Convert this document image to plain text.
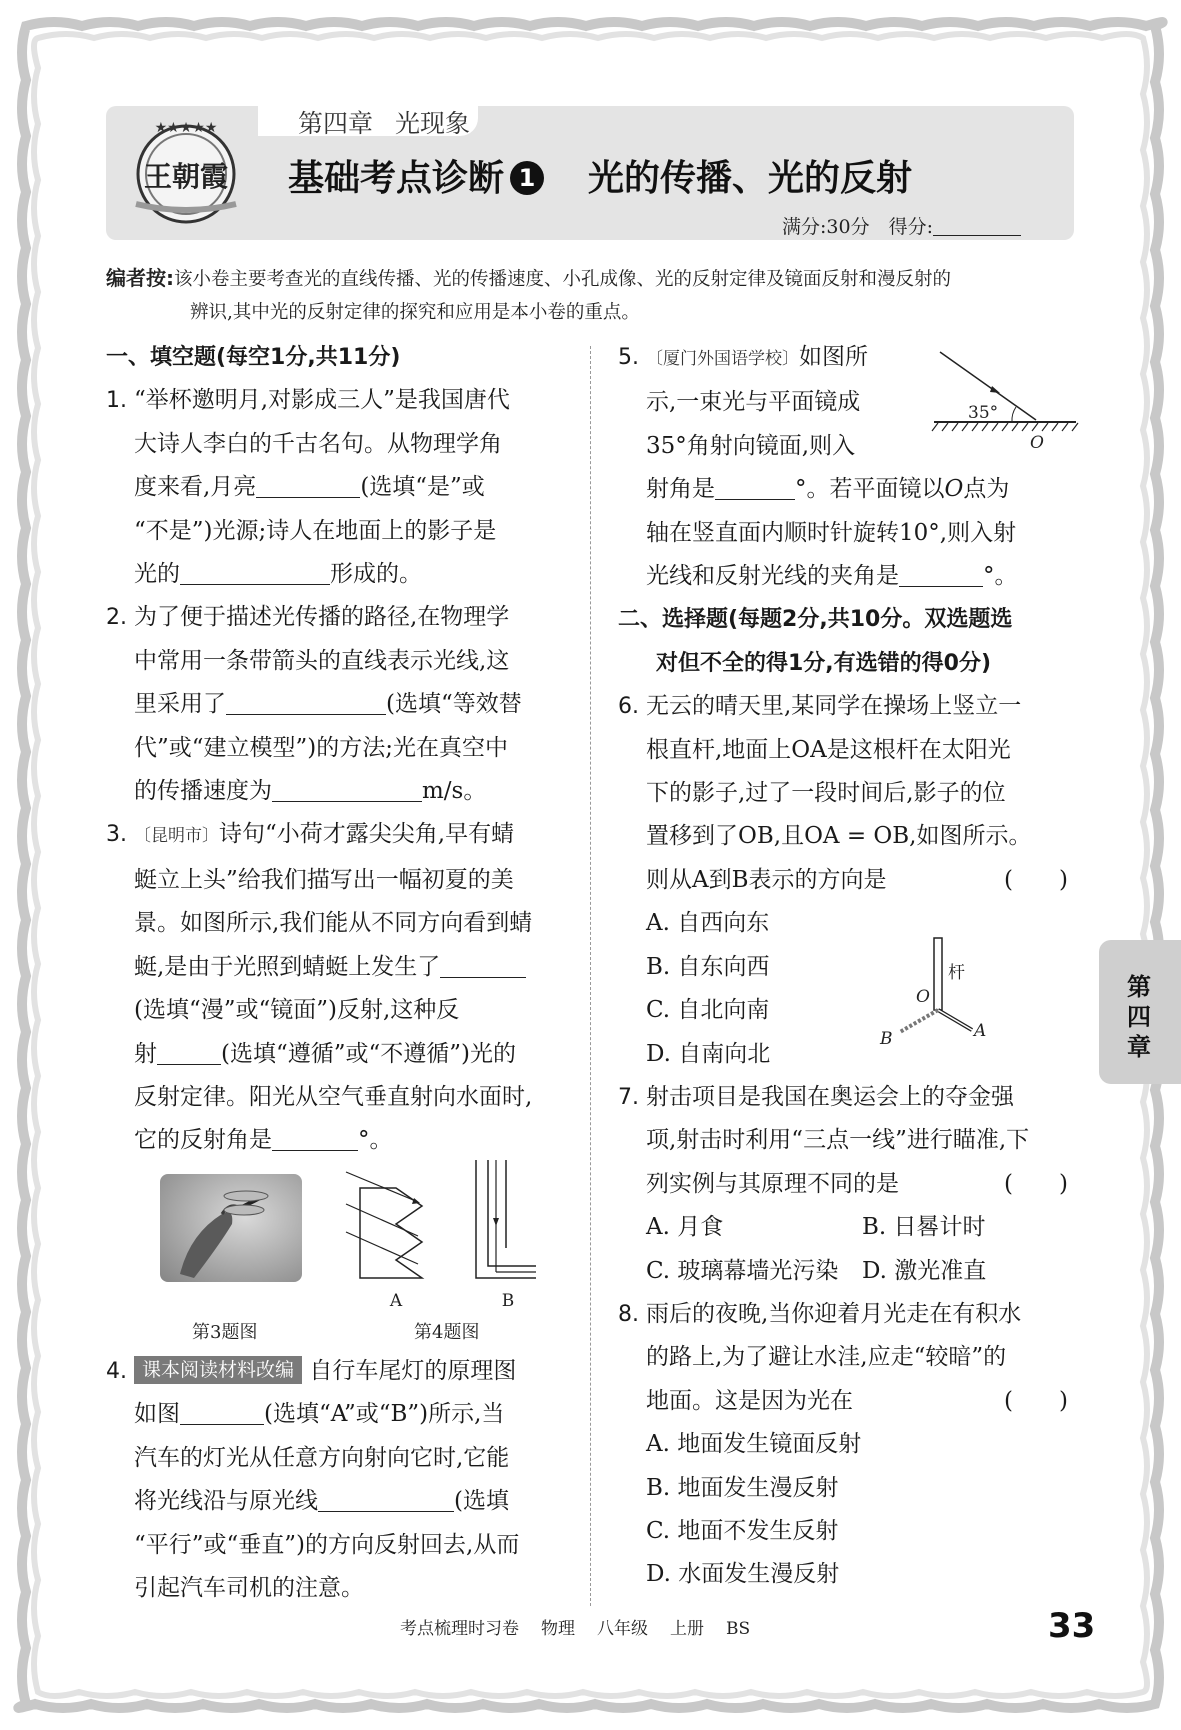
第四章 光现象
★★★★★
王朝霞 基础考点诊断 1 光的传播、光的反射
满分:30分　 得分:
编者按:该小卷主要考查光的直线传播、光的传播速度、小孔成像、光的反射定律及镜面反射和漫反射的
辨识,其中光的反射定律的探究和应用是本小卷的重点。

一、填空题(每空1分,共11分)

1. “举杯邀明月,对影成三人”是我国唐代

大诗人李白的千古名句。从物理学角

度来看,月亮	(选填“是”或

“不是”)光源;诗人在地面上的影子是

光的	形成的。

2. 为了便于描述光传播的路径,在物理学

中常用一条带箭头的直线表示光线,这

里采用了	(选填“等效替

代”或“建立模型”)的方法;光在真空中

的传播速度为	m/s。

3. 〔昆明市〕诗句“小荷才露尖尖角,早有蜻

蜓立上头”给我们描写出一幅初夏的美

景。如图所示,我们能从不同方向看到蜻

蜓,是由于光照到蜻蜓上发生了

(选填“漫”或“镜面”)反射,这种反

射	(选填“遵循”或“不遵循”)光的

反射定律。阳光从空气垂直射向水面时,

它的反射角是	°。

第3题图
A	B
第4题图
4. 课本阅读材料改编 自行车尾灯的原理图

如图	(选填“A”或“B”)所示,当

汽车的灯光从任意方向射向它时,它能

将光线沿与原光线	(选填

“平行”或“垂直”)的方向反射回去,从而

引起汽车司机的注意。

5. 〔厦门外国语学校〕如图所

示,一束光与平面镜成

35°角射向镜面,则入

射角是	°。若平面镜以O点为

轴在竖直面内顺时针旋转10°,则入射

光线和反射光线的夹角是	°。

二、选择题(每题2分,共10分。双选题选

对但不全的得1分,有选错的得0分)

6. 无云的晴天里,某同学在操场上竖立一

根直杆,地面上OA是这根杆在太阳光

下的影子,过了一段时间后,影子的位

置移到了OB,且OA = OB,如图所示。

则从A到B表示的方向是	(　　)

A. 自西向东

B. 自东向西

C. 自北向南

D. 自南向北

7. 射击项目是我国在奥运会上的夺金强

项,射击时利用“三点一线”进行瞄准,下

列实例与其原理不同的是	(　　)

A. 月食	B. 日晷计时

C. 玻璃幕墙光污染 D. 激光准直

8. 雨后的夜晚,当你迎着月光走在有积水

的路上,为了避让水洼,应走“较暗”的

地面。这是因为光在	(　　)

A. 地面发生镜面反射

B. 地面发生漫反射

C. 地面不发生反射

D. 水面发生漫反射

35°
O
杆
O
A
B
第四章
考点梳理时习卷 物理 八年级 上册 BS	33
